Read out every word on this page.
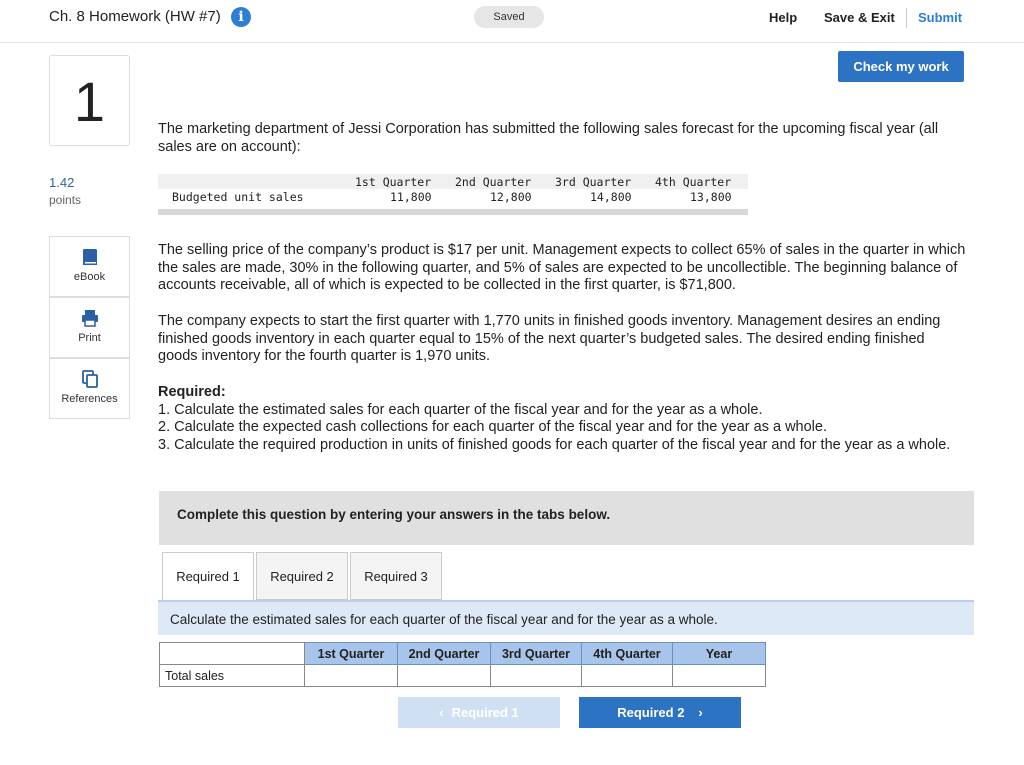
Ch. 8 Homework (HW #7)	i	Saved	Help Save & Exit Submit
Check my work
1
1.42
points
eBook
Print
References
The marketing department of Jessi Corporation has submitted the following sales forecast for the upcoming fiscal year (all sales are on account):
1st Quarter 2nd Quarter 3rd Quarter 4th Quarter
Budgeted unit sales	11,800	12,800	14,800	13,800
The selling price of the company’s product is $17 per unit. Management expects to collect 65% of sales in the quarter in which the sales are made, 30% in the following quarter, and 5% of sales are expected to be uncollectible. The beginning balance of accounts receivable, all of which is expected to be collected in the first quarter, is $71,800.
The company expects to start the first quarter with 1,770 units in finished goods inventory. Management desires an ending finished goods inventory in each quarter equal to 15% of the next quarter’s budgeted sales. The desired ending finished goods inventory for the fourth quarter is 1,970 units.
Required:
1. Calculate the estimated sales for each quarter of the fiscal year and for the year as a whole.
2. Calculate the expected cash collections for each quarter of the fiscal year and for the year as a whole.
3. Calculate the required production in units of finished goods for each quarter of the fiscal year and for the year as a whole.
Complete this question by entering your answers in the tabs below.
Required 1	Required 2	Required 3
Calculate the estimated sales for each quarter of the fiscal year and for the year as a whole.
	1st Quarter	2nd Quarter	3rd Quarter	4th Quarter	Year
Total sales					
‹ Required 1	Required 2 ›
